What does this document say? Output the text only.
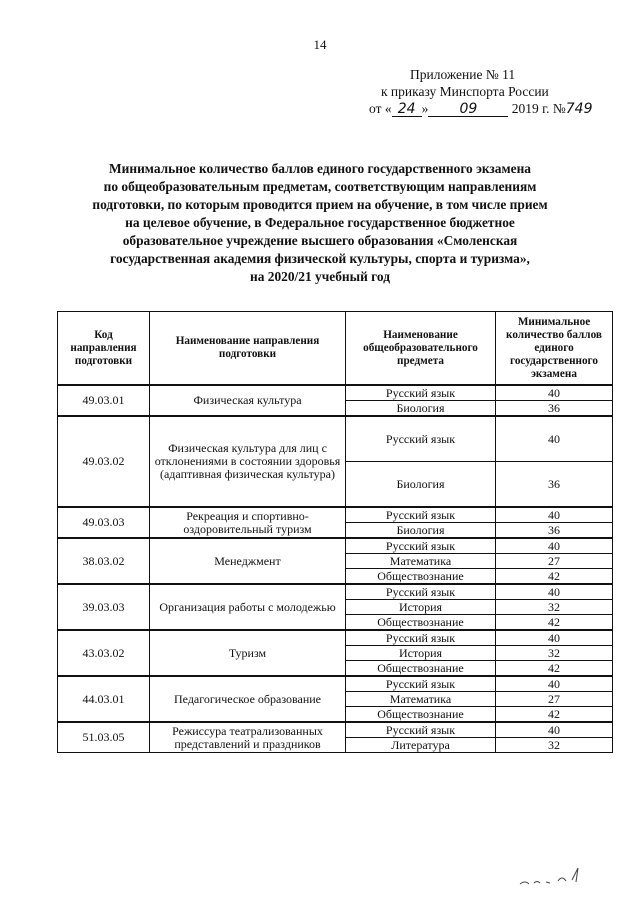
14
Приложение № 11
к приказу Минспорта России
от « 24 » 09	2019 г. №749
Минимальное количество баллов единого государственного экзамена
по общеобразовательным предметам, соответствующим направлениям
подготовки, по которым проводится прием на обучение, в том числе прием
на целевое обучение, в Федеральное государственное бюджетное
образовательное учреждение высшего образования «Смоленская
государственная академия физической культуры, спорта и туризма»,
на 2020/21 учебный год
Код направления подготовки	Наименование направления подготовки	Наименование общеобразовательного предмета	Минимальное количество баллов единого государственного экзамена
49.03.01	Физическая культура	Русский язык	40
		Биология	36
49.03.02	Физическая культура для лиц с отклонениями в состоянии здоровья (адаптивная физическая культура)	Русский язык	40
		Биология	36
49.03.03	Рекреация и спортивно-оздоровительный туризм	Русский язык	40
		Биология	36
38.03.02	Менеджмент	Русский язык	40
		Математика	27
		Обществознание	42
39.03.03	Организация работы с молодежью	Русский язык	40
		История	32
		Обществознание	42
43.03.02	Туризм	Русский язык	40
		История	32
		Обществознание	42
44.03.01	Педагогическое образование	Русский язык	40
		Математика	27
		Обществознание	42
51.03.05	Режиссура театрализованных представлений и праздников	Русский язык	40
		Литература	32
